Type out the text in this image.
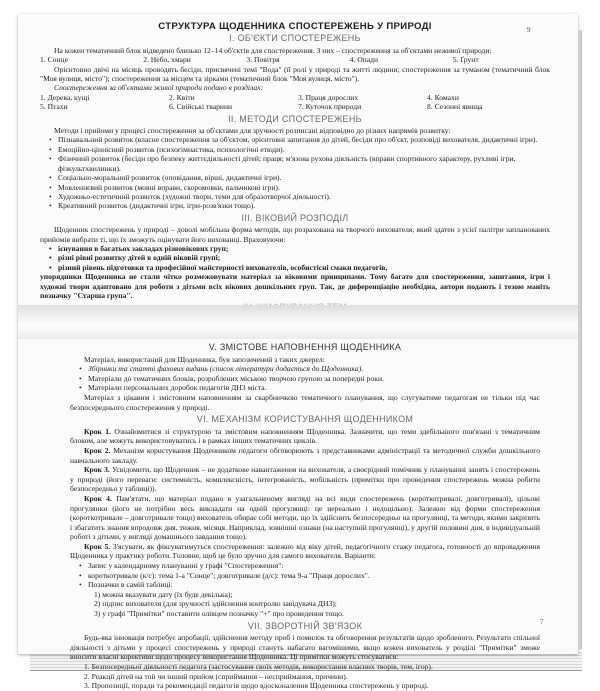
9
СТРУКТУРА ЩОДЕННИКА СПОСТЕРЕЖЕНЬ У ПРИРОДІ
І. ОБ'ЄКТИ СПОСТЕРЕЖЕНЬ

На кожен тематичний блок відведено близько 12–14 об'єктів для спостереження. З них – спостереження за об'єктами неживої природи:

1. Сонце	2. Небо, хмари	3. Повітря	4. Опади	5. Ґрунт

Орієнтовно двічі на місяць проводять бесіди, присвячені темі "Вода" (її ролі у природі та житті людини; спостереження за туманом (тематичний блок "Моя вулиця, місто"); спостереження за місцем та зірками (тематичний блок "Моя вулиця, місто").

Спостереження за об'єктами живої природи подано в розділах:

1. Дерева, кущі	2. Квіти	3. Праця дорослих	4. Комахи
5. Птахи	6. Свійські тварини	7. Куточок природи	8. Сезонні явища
ІІ. МЕТОДИ СПОСТЕРЕЖЕНЬ

Методи і прийоми у процесі спостереження за об'єктами для зручності розписані відповідно до різних напрямів розвитку:

• Пізнавальний розвиток (власне спостереження за об'єктом, орієнтовні запитання до дітей, бесіди про об'єкт, розповіді вихователя, дидактичні ігри).
• Емоційно-ціннісний розвиток (психогімнастика, психологічні етюди).
• Фізичний розвиток (бесіди про безпеку життєдіяльності дітей; праця; м'язова рухова діяльність (вправи спортивного характеру, рухливі ігри, фізкультхвилинки).
• Соціально-моральний розвиток (оповідання, вірші, дидактичні ігри).
• Мовленнєвий розвиток (мовні вправи, скоромовки, пальчикові ігри).
• Художньо-естетичний розвиток (художні твори, теми для образотворчої діяльності).
• Креативний розвиток (дидактичні ігри, ігри-розв'язки тощо).
ІІІ. ВІКОВИЙ РОЗПОДІЛ

Щоденник спостережень у природі – доволі мобільна форма методів, що розрахована на творчого вихователя, який здатен з усієї палітри запланованих прийомів вибрати ті, що їх зможуть оцінувати його вихованці. Враховуючи:

• ієнування в багатьох закладах різновікових груп;
• різні рівні розвитку дітей в одній віковій групі;
• різний рівень підготовки та професійної майстерності вихователів, особистісні смаки педагогів,

упорядники Щоденника не стали чітко розмежовувати матеріал за віковими принципами. Тому багато для спостереження, запитання, ігри і художні твори адаптовано для роботи з дітьми всіх вікових дошкільних груп. Так, де диференціацію необхідна, автори подають і тезою маніть позначку "Старша група".

V. ЗМІСТОВЕ НАПОВНЕННЯ ЩОДЕННИКА

Матеріал, використаний для Щоденника, був запозичений з таких джерел:

• Збірники та статті фахових видань (список літератури додається до Щоденника).
• Матеріали до тематичних блоків, розроблених міською творчою групою за попередні роки.
• Матеріали персональних доробок педагогів ДНЗ міста.

Матеріал з цікавим і змістовним наповненням за скарбничкою тематичного планування, що слугуватиме педагогам не тільки під час безпосереднього спостереження у природі.

VІ. МЕХАНІЗМ КОРИСТУВАННЯ ЩОДЕННИКОМ

Крок 1. Ознайомитися зі структурою та змістовим наповненням Щоденника. Зазначити, що теми здебільшого пов'язані з тематичним блоком, але можуть використовуватись і в рамках інших тематичних циклів.

Крок 2. Механізм користування Щоденником педагоги обговорюють з представниками адміністрації та методичної служби дошкільного навчального закладу.

Крок 3. Усвідомити, що Щоденник – не додаткове навантаження на вихователя, а своєрідний помічник у плануванні занять і спостережень у природі (його переваги: системність, комплексність, інтегрованість, мобільність (приміткн про проведення спостережень можна робити безпосередньо у таблиці)).

Крок 4. Пам'ятати, що матеріал подано в узагальненому вигляді на всі види спостережень (короткотривалі, довготривалі), цільові прогулянки (його не потрібно весь викладати на одній прогулянці: це нереально і недоцільно). Залежно від форми спостереження (короткотривале – довготривале тощо) вихователь обирає собі методи, що їх здійснить безпосередньо на прогулянці, та методи, якими закріпить і збагатить знання впродовж дня, тижня, місяця. Наприклад, зовнішні ознаки (на наступній прогулянці), у другій половині дня, в індивідуальній роботі з дітьми, у вигляді домашнього завдання тощо).

Крок 5. З'ясувати, як фіксуватимуться спостереження: залежно від віку дітей, педагогічного стажу педагога, готовності до впровадження Щоденника у практику роботи. Головне, щоб це було зручно для самого вихователя. Варіанти:

• Запис у календарному плануванні у графі "Спостереження":
• короткотривале (к/с): тема 1-а "Сонце"; довготривале (д/с): тема 9-а "Праця дорослих".
• Позначки в самій таблиці:
1) можна вказувати дату (їх буде декілька);
2) підпис вихователя (для зручності здійснення контролю завідувача ДНЗ);
3) у графі "Примітки" поставити олівцем позначку "+" про проведення тощо.
VІІ. ЗВОРОТНІЙ ЗВ'ЯЗОК

Будь-яка інновація потребує апробації, здійснення методу проб і помилок та обговорення результатів щодо зробленого. Результати спільної діяльності з дітьми у процесі спостережень у природі стануть набагато вагомішими, якщо кожен вихователь у розділі "Примітки" зможе вносити власні корективи щодо процесу використання Щоденника. Ці примітки можуть стосуватися:

1. Безпосередньої діяльності педагога (застосування своїх методів, використання власних творів, тем, ігор).

2. Реакції дітей на той чи інший прийом (сприймання – несприймання, причини).

3. Пропозиції, поради та рекомендації педагогів щодо вдосконалення Щоденника спостережень у природі.

7
